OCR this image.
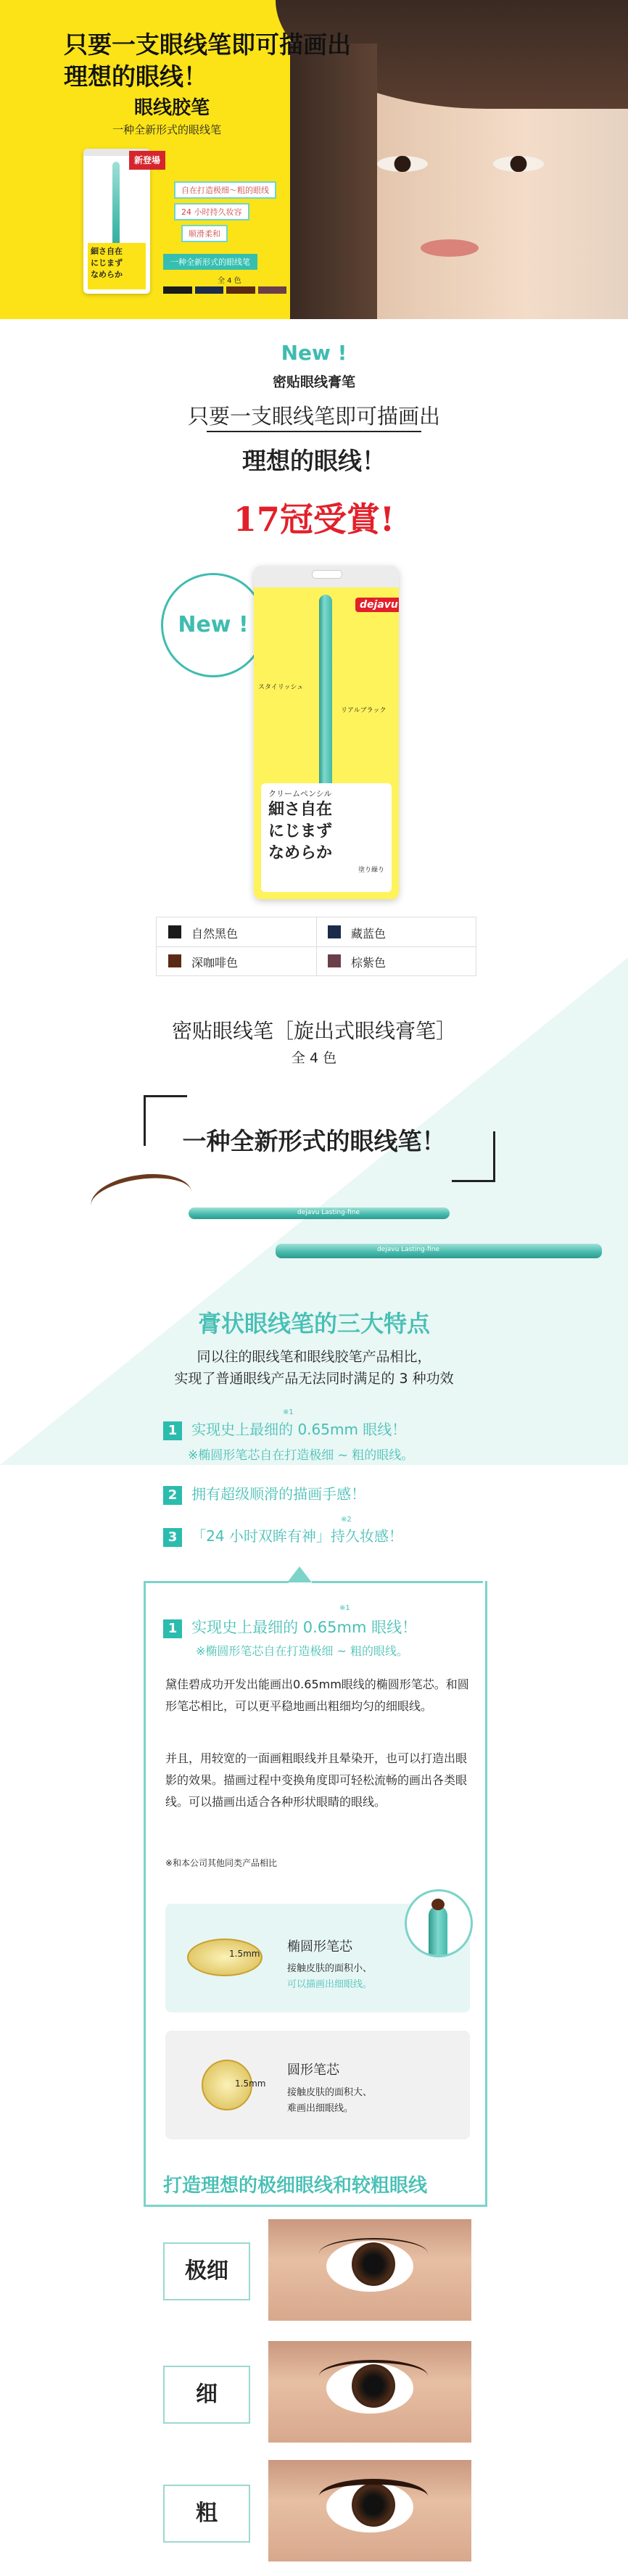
只要一支眼线笔即可描画出
理想的眼线！
眼线胶笔
一种全新形式的眼线笔
細さ自在
にじまず
なめらか
新登場
自在打造极细～粗的眼线
24 小时持久妆容
顺滑柔和
一种全新形式的眼线笔
全 4 色
New !
密贴眼线膏笔
只要一支眼线笔即可描画出
理想的眼线！
17冠受賞!
New !
dejavu
スタイリッシュ
リアルブラック
クリームペンシル
細さ自在
にじまず
なめらか
塗り繰り
自然黑色	藏蓝色
深咖啡色	棕紫色
密贴眼线笔［旋出式眼线膏笔］
全 4 色
一种全新形式的眼线笔！
dejavu Lasting-fine
dejavu Lasting-fine
膏状眼线笔的三大特点
同以往的眼线笔和眼线胶笔产品相比，
实现了普通眼线产品无法同时满足的 3 种功效
1 实现史上最细的 0.65mm 眼线！
※1
※椭圆形笔芯自在打造极细 ~ 粗的眼线。
2 拥有超级顺滑的描画手感！
3 「24 小时双眸有神」持久妆感！
※2
1 实现史上最细的 0.65mm 眼线！
※1
※椭圆形笔芯自在打造极细 ~ 粗的眼线。
黛佳碧成功开发出能画出0.65mm眼线的椭圆形笔芯。和圆形笔芯相比，可以更平稳地画出粗细均匀的细眼线。
并且，用较宽的一面画粗眼线并且晕染开，也可以打造出眼影的效果。描画过程中变换角度即可轻松流畅的画出各类眼线。可以描画出适合各种形状眼睛的眼线。
※和本公司其他同类产品相比
1.5mm 椭圆形笔芯
接触皮肤的面积小、
可以描画出细眼线。
1.5mm
圆形笔芯
接触皮肤的面积大、
难画出细眼线。
打造理想的极细眼线和较粗眼线
极细
细
粗
